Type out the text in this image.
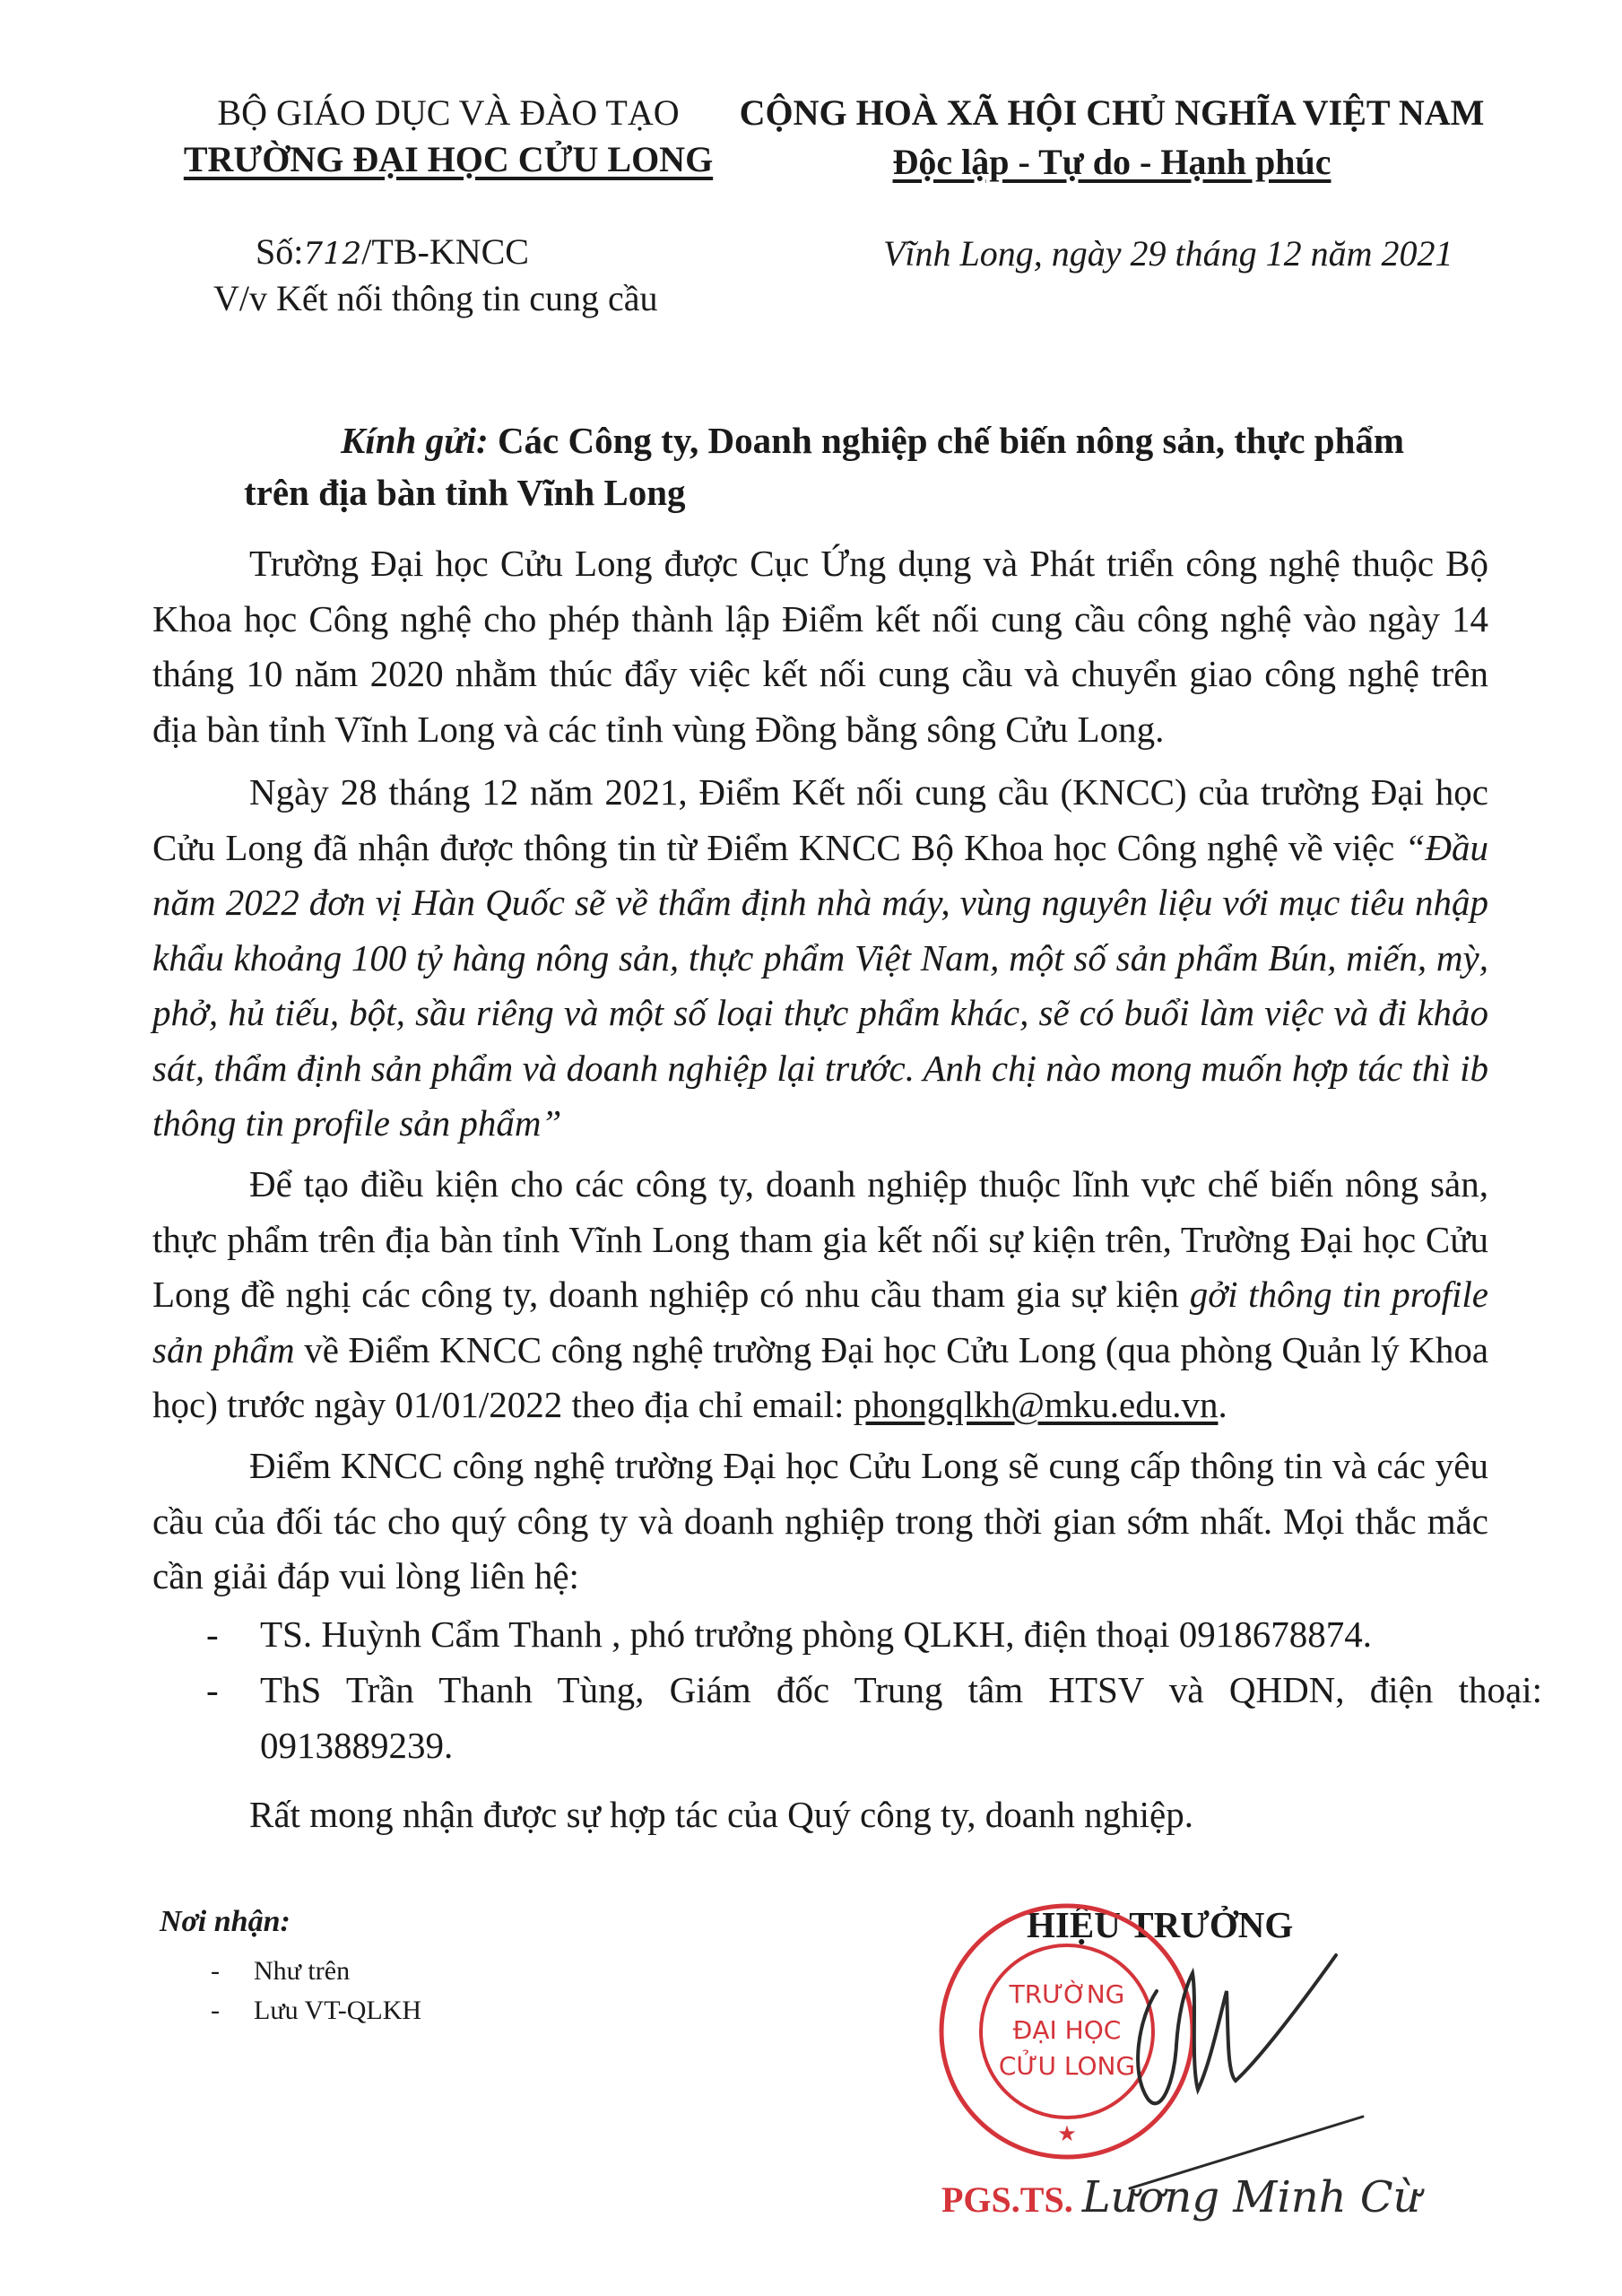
BỘ GIÁO DỤC VÀ ĐÀO TẠO
TRƯỜNG ĐẠI HỌC CỬU LONG
CỘNG HOÀ XÃ HỘI CHỦ NGHĨA VIỆT NAM
Độc lập - Tự do - Hạnh phúc
Số:712/TB-KNCC
V/v Kết nối thông tin cung cầu
Vĩnh Long, ngày 29 tháng 12 năm 2021
Kính gửi: Các Công ty, Doanh nghiệp chế biến nông sản, thực phẩm
trên địa bàn tỉnh Vĩnh Long
Trường Đại học Cửu Long được Cục Ứng dụng và Phát triển công nghệ thuộc Bộ Khoa học Công nghệ cho phép thành lập Điểm kết nối cung cầu công nghệ vào ngày 14 tháng 10 năm 2020 nhằm thúc đẩy việc kết nối cung cầu và chuyển giao công nghệ trên địa bàn tỉnh Vĩnh Long và các tỉnh vùng Đồng bằng sông Cửu Long.
Ngày 28 tháng 12 năm 2021, Điểm Kết nối cung cầu (KNCC) của trường Đại học Cửu Long đã nhận được thông tin từ Điểm KNCC Bộ Khoa học Công nghệ về việc “Đầu năm 2022 đơn vị Hàn Quốc sẽ về thẩm định nhà máy, vùng nguyên liệu với mục tiêu nhập khẩu khoảng 100 tỷ hàng nông sản, thực phẩm Việt Nam, một số sản phẩm Bún, miến, mỳ, phở, hủ tiếu, bột, sầu riêng và một số loại thực phẩm khác, sẽ có buổi làm việc và đi khảo sát, thẩm định sản phẩm và doanh nghiệp lại trước. Anh chị nào mong muốn hợp tác thì ib thông tin profile sản phẩm”
Để tạo điều kiện cho các công ty, doanh nghiệp thuộc lĩnh vực chế biến nông sản, thực phẩm trên địa bàn tỉnh Vĩnh Long tham gia kết nối sự kiện trên, Trường Đại học Cửu Long đề nghị các công ty, doanh nghiệp có nhu cầu tham gia sự kiện gởi thông tin profile sản phẩm về Điểm KNCC công nghệ trường Đại học Cửu Long (qua phòng Quản lý Khoa học) trước ngày 01/01/2022 theo địa chỉ email: phongqlkh@mku.edu.vn.
Điểm KNCC công nghệ trường Đại học Cửu Long sẽ cung cấp thông tin và các yêu cầu của đối tác cho quý công ty và doanh nghiệp trong thời gian sớm nhất. Mọi thắc mắc cần giải đáp vui lòng liên hệ:
- TS. Huỳnh Cẩm Thanh , phó trưởng phòng QLKH, điện thoại 0918678874.
- ThS Trần Thanh Tùng, Giám đốc Trung tâm HTSV và QHDN, điện thoại: 0913889239.
Rất mong nhận được sự hợp tác của Quý công ty, doanh nghiệp.
Nơi nhận:
- Như trên
- Lưu VT-QLKH
HIỆU TRƯỞNG
TRƯỜNG
ĐẠI HỌC
CỬU LONG
★
PGS.TS. Lương Minh Cừ
